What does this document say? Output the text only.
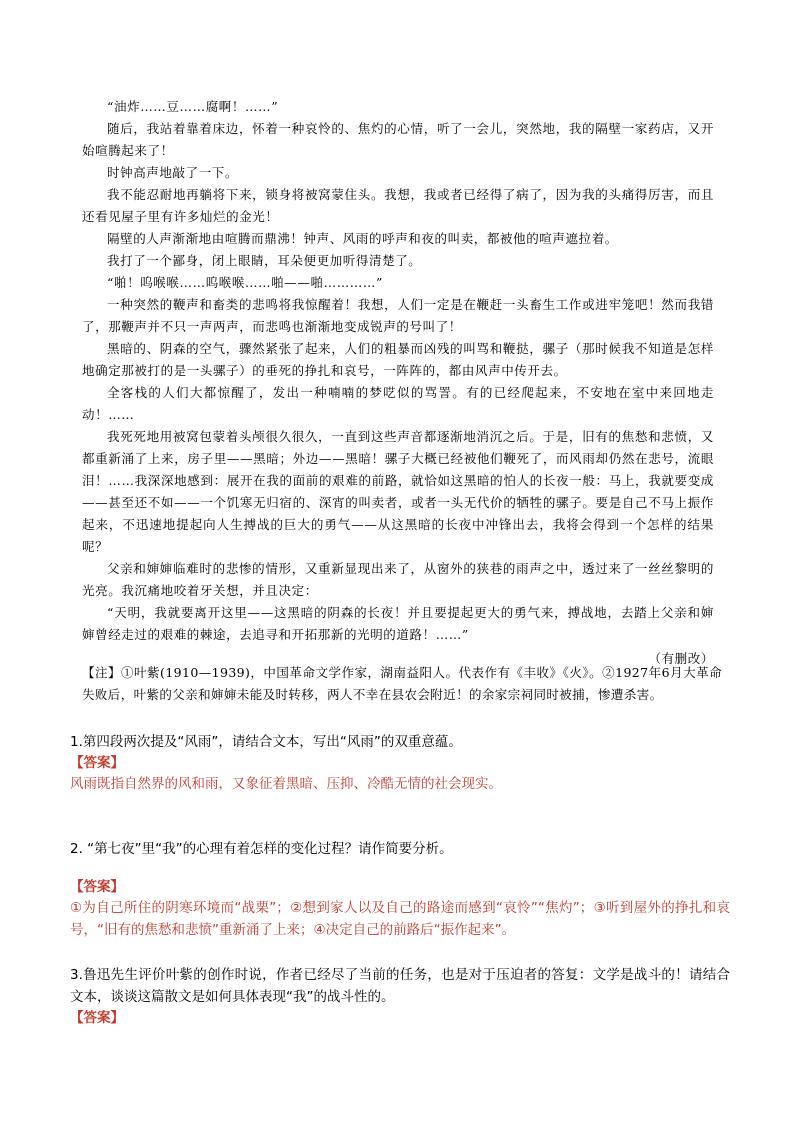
“油炸……豆……腐啊！……”

随后，我站着靠着床边，怀着一种哀怜的、焦灼的心情，听了一会儿，突然地，我的隔壁一家药店，又开始喧腾起来了！

时钟高声地敲了一下。

我不能忍耐地再躺将下来，锁身将被窝蒙住头。我想，我或者已经得了病了，因为我的头痛得厉害，而且还看见屋子里有许多灿烂的金光！

隔壁的人声渐渐地由喧腾而鼎沸！钟声、风雨的呼声和夜的叫卖，都被他的喧声遮拉着。

我打了一个鄙身，闭上眼睛，耳朵便更加听得清楚了。

“啪！呜喉喉……呜喉喉……啪——啪…………”

一种突然的鞭声和畜类的悲鸣将我惊醒着！我想，人们一定是在鞭赶一头畜生工作或进牢笼吧！然而我错了，那鞭声并不只一声两声，而悲鸣也渐渐地变成锐声的号叫了！

黑暗的、阴森的空气，骤然紧张了起来，人们的粗暴而凶残的叫骂和鞭挞，骡子（那时候我不知道是怎样地确定那被打的是一头骡子）的垂死的挣扎和哀号，一阵阵的，都由风声中传开去。

全客栈的人们大都惊醒了，发出一种喃喃的梦呓似的骂詈。有的已经爬起来，不安地在室中来回地走动！……

我死死地用被窝包蒙着头颅很久很久，一直到这些声音都逐渐地消沉之后。于是，旧有的焦愁和悲愤，又都重新涌了上来，房子里——黑暗；外边——黑暗！骡子大概已经被他们鞭死了，而风雨却仍然在悲号，流眼泪！……我深深地感到：展开在我的面前的艰难的前路，就恰如这黑暗的怕人的长夜一般：马上，我就要变成——甚至还不如——一个饥寒无归宿的、深宵的叫卖者，或者一头无代价的牺牲的骡子。要是自己不马上振作起来，不迅速地提起向人生搏战的巨大的勇气——从这黑暗的长夜中冲锋出去，我将会得到一个怎样的结果呢？

父亲和婶婶临难时的悲惨的情形，又重新显现出来了，从窗外的狭巷的雨声之中，透过来了一丝丝黎明的光亮。我沉痛地咬着牙关想，并且决定：

“天明，我就要离开这里——这黑暗的阴森的长夜！并且要提起更大的勇气来，搏战地，去踏上父亲和婶婶曾经走过的艰难的棘途，去追寻和开拓那新的光明的道路！……”

（有删改）

【注】①叶紫(1910—1939)，中国革命文学作家，湖南益阳人。代表作有《丰收》《火》。②1927年6月大革命失败后，叶紫的父亲和婶婶未能及时转移，两人不幸在县农会附近！的余家宗祠同时被捕，惨遭杀害。

1.第四段两次提及“风雨”，请结合文本，写出“风雨”的双重意蕴。

【答案】

风雨既指自然界的风和雨，又象征着黑暗、压抑、冷酷无情的社会现实。

2. “第七夜”里“我”的心理有着怎样的变化过程？请作简要分析。

【答案】

①为自己所住的阴寒环境而“战栗”；②想到家人以及自己的路途而感到“哀怜”“焦灼”；③听到屋外的挣扎和哀号，“旧有的焦愁和悲愤”重新涌了上来；④决定自己的前路后“振作起来”。

3.鲁迅先生评价叶紫的创作时说，作者已经尽了当前的任务，也是对于压迫者的答复：文学是战斗的！请结合文本，谈谈这篇散文是如何具体表现“我”的战斗性的。

【答案】
